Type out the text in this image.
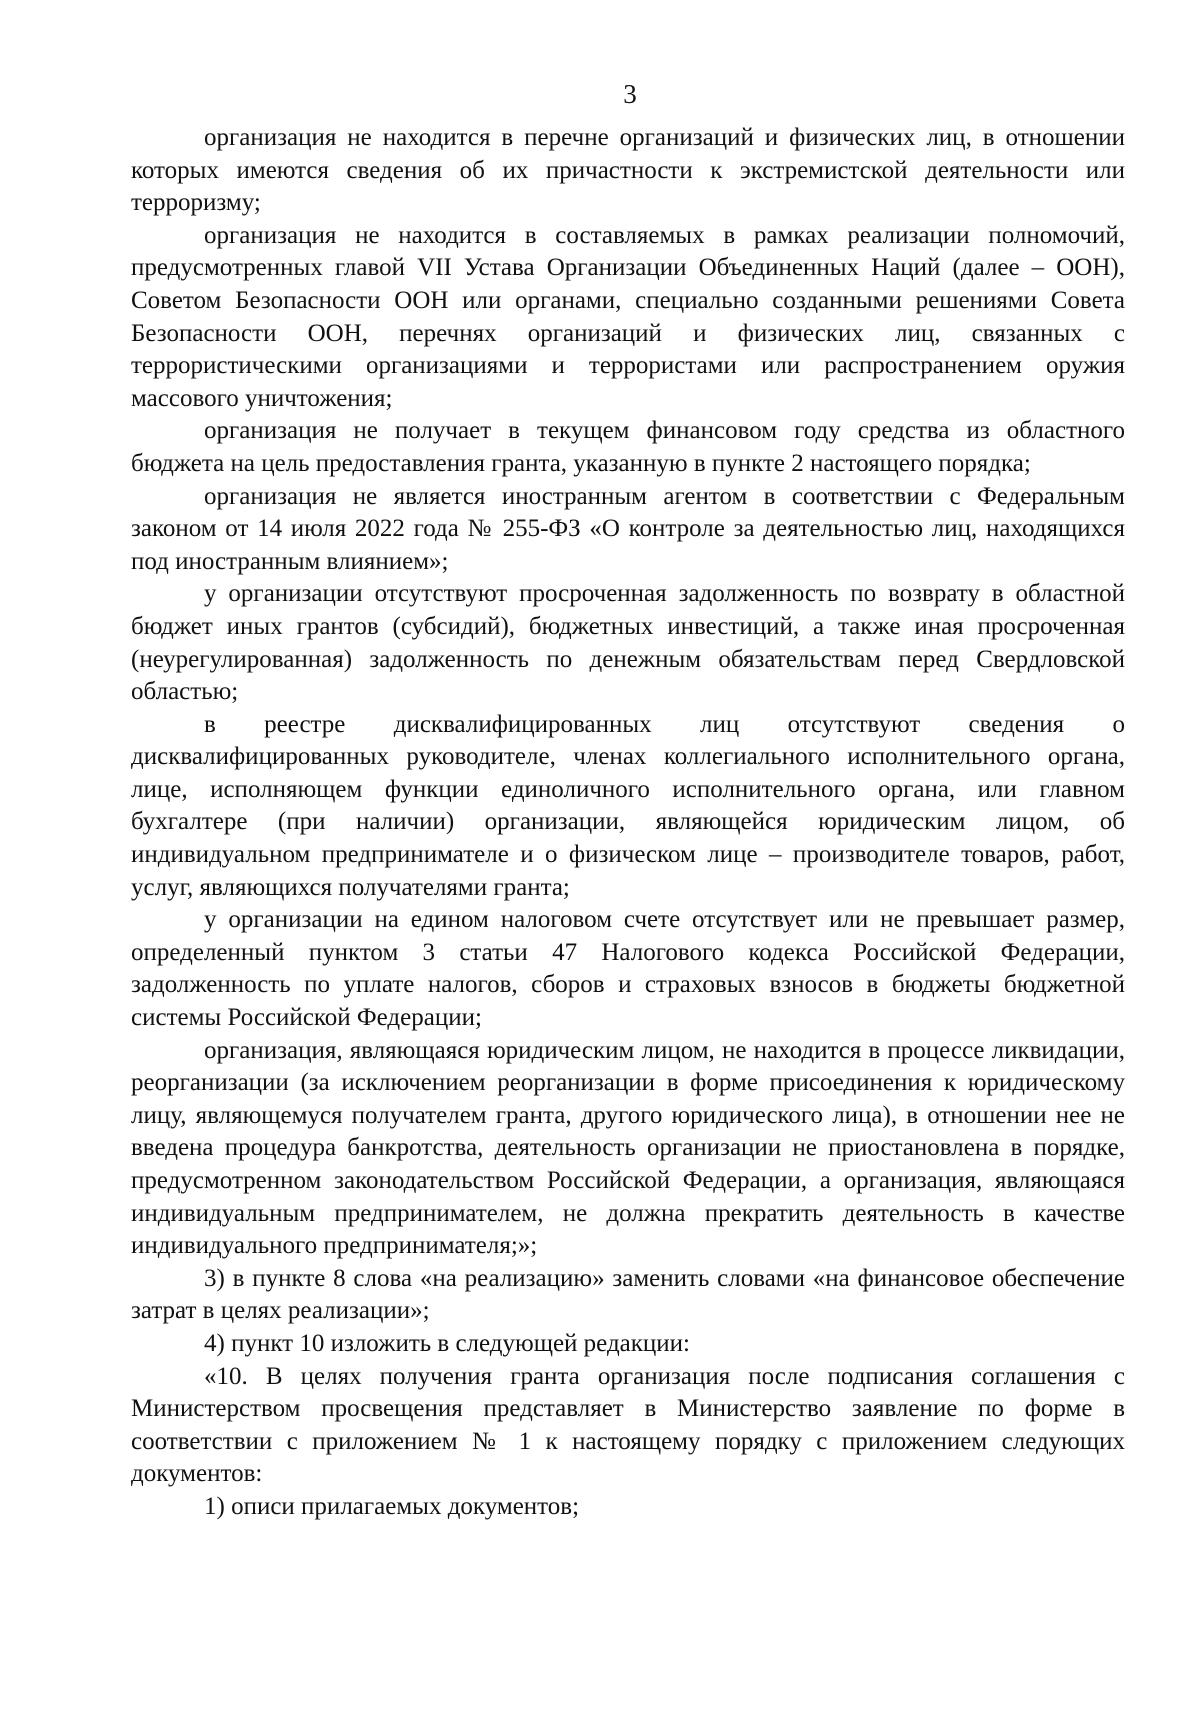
3

организация не находится в перечне организаций и физических лиц, в отношении которых имеются сведения об их причастности к экстремистской деятельности или терроризму;

организация не находится в составляемых в рамках реализации полномочий, предусмотренных главой VII Устава Организации Объединенных Наций (далее – ООН), Советом Безопасности ООН или органами, специально созданными решениями Совета Безопасности ООН, перечнях организаций и физических лиц, связанных с террористическими организациями и террористами или распространением оружия массового уничтожения;

организация не получает в текущем финансовом году средства из областного бюджета на цель предоставления гранта, указанную в пункте 2 настоящего порядка;

организация не является иностранным агентом в соответствии с Федеральным законом от 14 июля 2022 года № 255-ФЗ «О контроле за деятельностью лиц, находящихся под иностранным влиянием»;

у организации отсутствуют просроченная задолженность по возврату в областной бюджет иных грантов (субсидий), бюджетных инвестиций, а также иная просроченная (неурегулированная) задолженность по денежным обязательствам перед Свердловской областью;

в реестре дисквалифицированных лиц отсутствуют сведения о дисквалифицированных руководителе, членах коллегиального исполнительного органа, лице, исполняющем функции единоличного исполнительного органа, или главном бухгалтере (при наличии) организации, являющейся юридическим лицом, об индивидуальном предпринимателе и о физическом лице – производителе товаров, работ, услуг, являющихся получателями гранта;

у организации на едином налоговом счете отсутствует или не превышает размер, определенный пунктом 3 статьи 47 Налогового кодекса Российской Федерации, задолженность по уплате налогов, сборов и страховых взносов в бюджеты бюджетной системы Российской Федерации;

организация, являющаяся юридическим лицом, не находится в процессе ликвидации, реорганизации (за исключением реорганизации в форме присоединения к юридическому лицу, являющемуся получателем гранта, другого юридического лица), в отношении нее не введена процедура банкротства, деятельность организации не приостановлена в порядке, предусмотренном законодательством Российской Федерации, а организация, являющаяся индивидуальным предпринимателем, не должна прекратить деятельность в качестве индивидуального предпринимателя;»;

3) в пункте 8 слова «на реализацию» заменить словами «на финансовое обеспечение затрат в целях реализации»;

4) пункт 10 изложить в следующей редакции:

«10. В целях получения гранта организация после подписания соглашения с Министерством просвещения представляет в Министерство заявление по форме в соответствии с приложением № 1 к настоящему порядку с приложением следующих документов:

1) описи прилагаемых документов;
